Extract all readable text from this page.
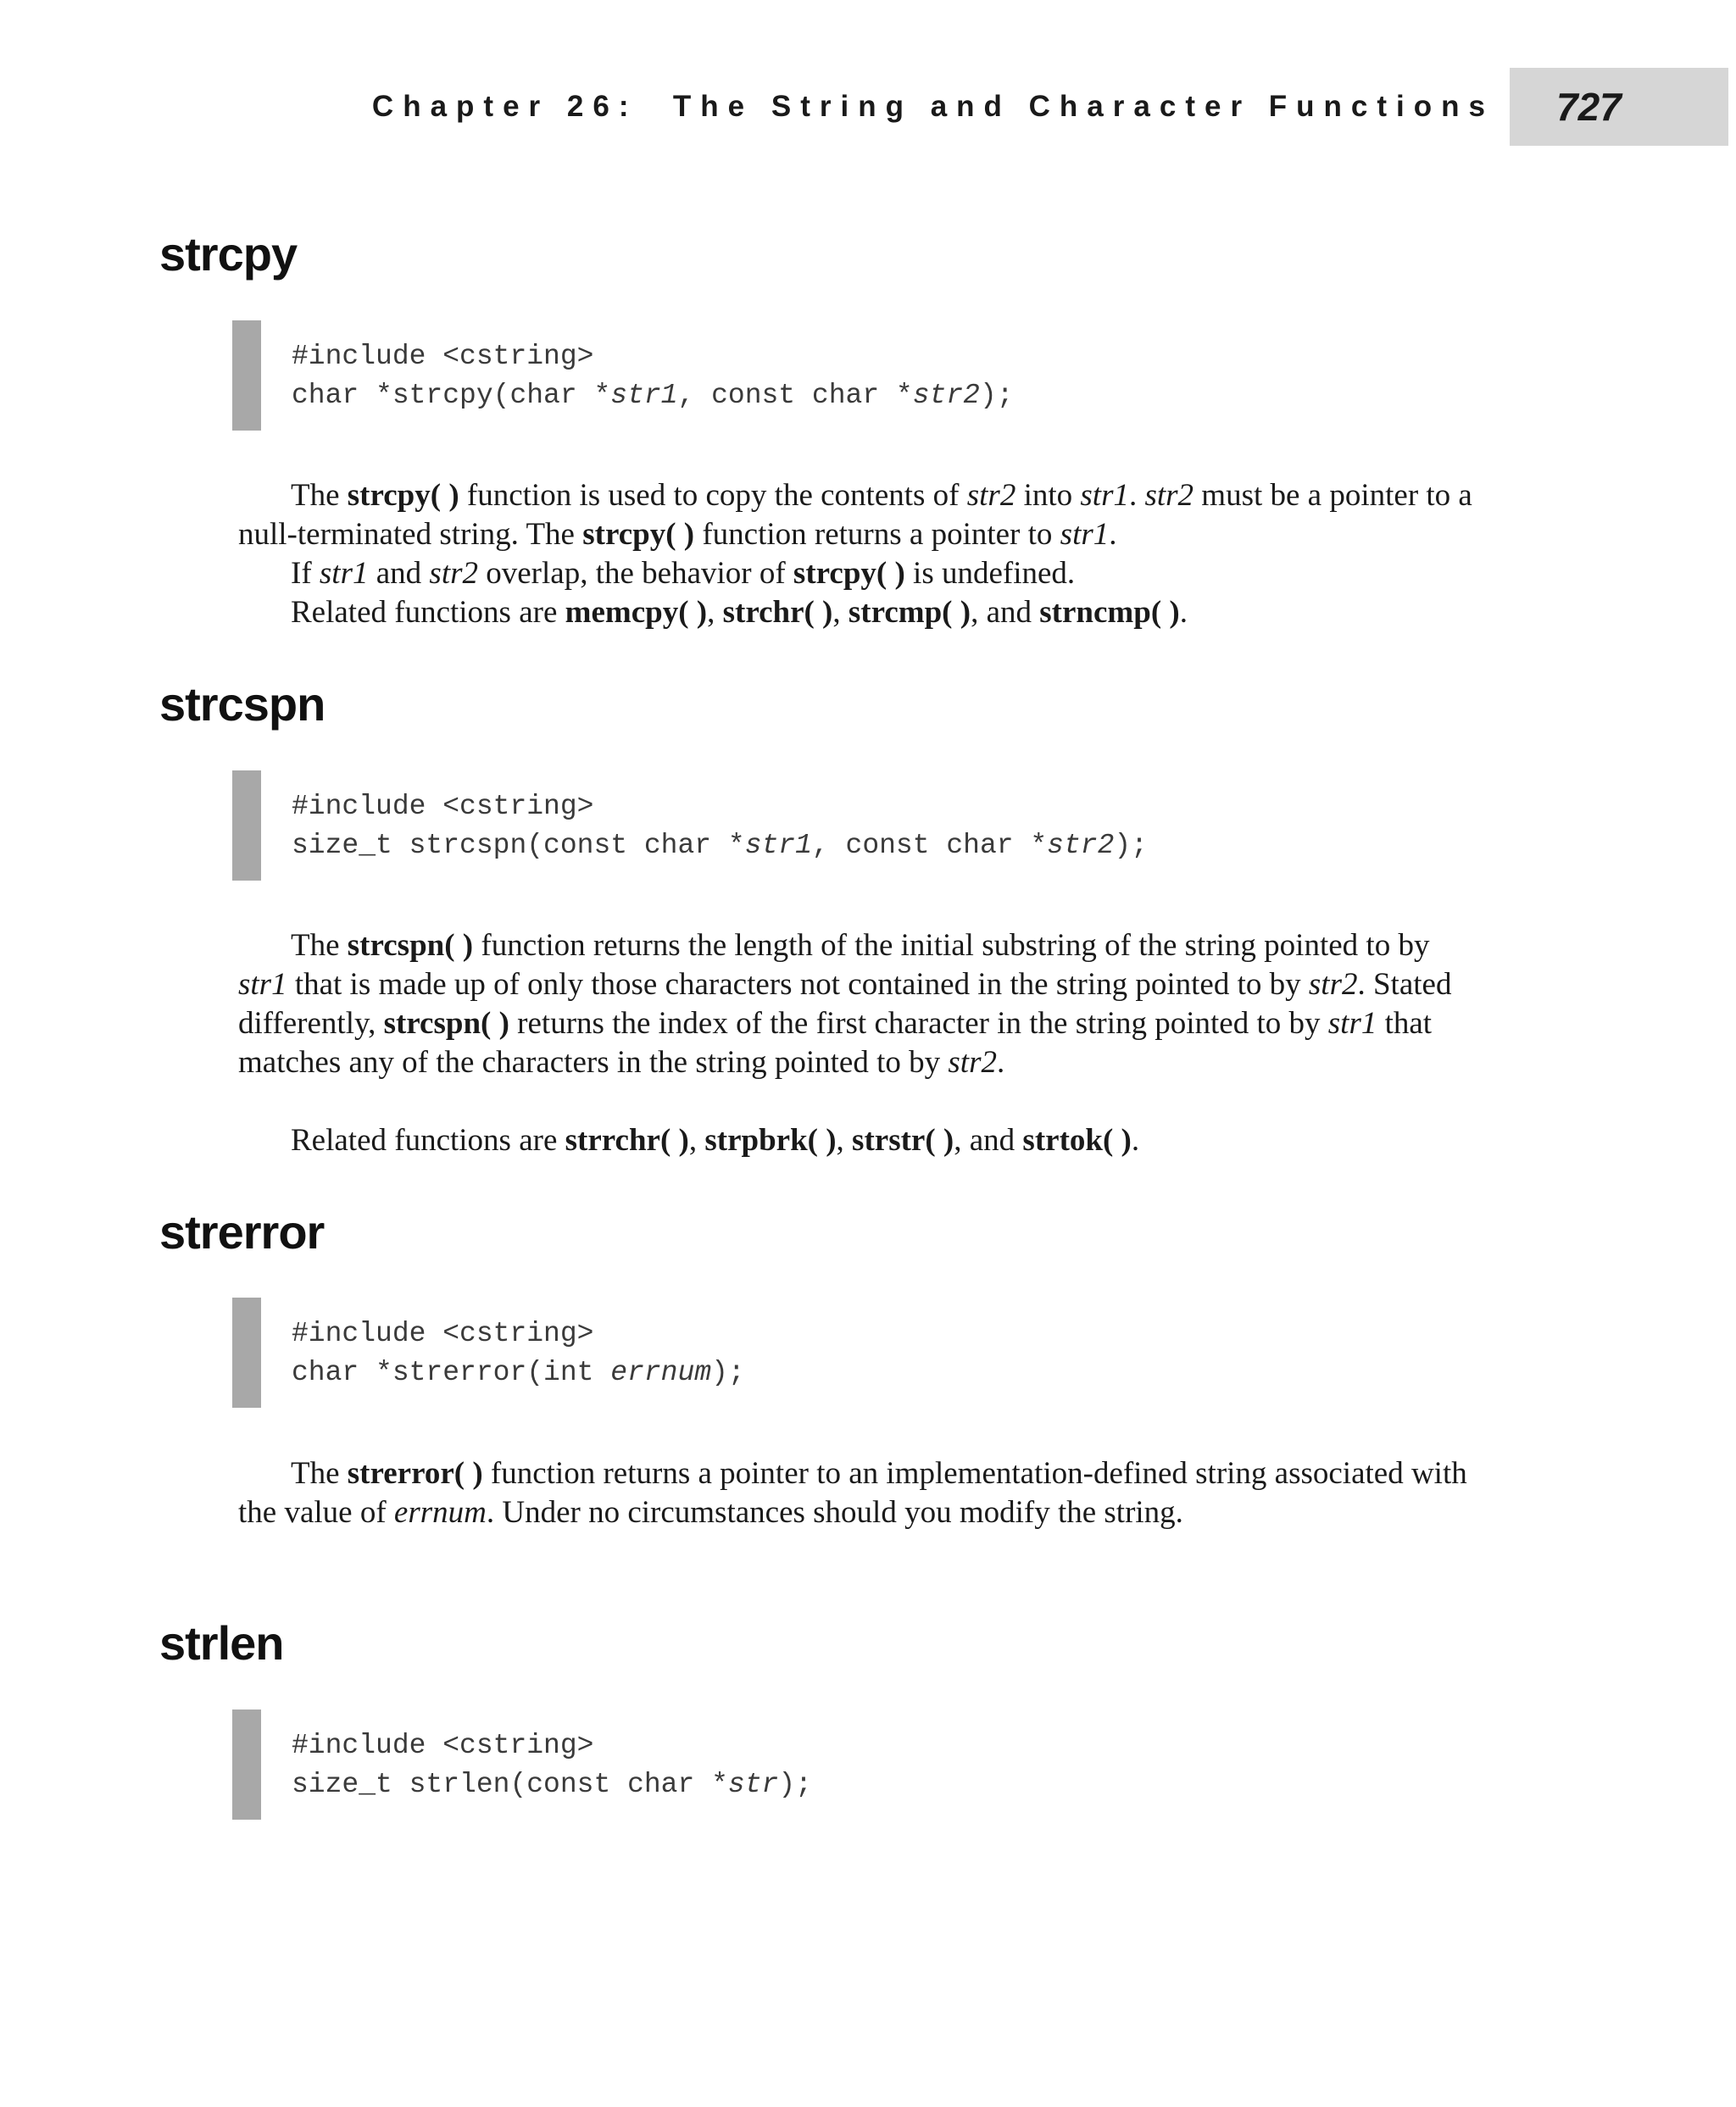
Chapter 26:  The String and Character Functions 727
strcpy
#include <cstring>
char *strcpy(char *str1, const char *str2);

The strcpy( ) function is used to copy the contents of str2 into str1. str2 must be a pointer to a null-terminated string. The strcpy( ) function returns a pointer to str1.

If str1 and str2 overlap, the behavior of strcpy( ) is undefined.

Related functions are memcpy( ), strchr( ), strcmp( ), and strncmp( ).

strcspn
#include <cstring>
size_t strcspn(const char *str1, const char *str2);

The strcspn( ) function returns the length of the initial substring of the string pointed to by str1 that is made up of only those characters not contained in the string pointed to by str2. Stated differently, strcspn( ) returns the index of the first character in the string pointed to by str1 that matches any of the characters in the string pointed to by str2.

Related functions are strrchr( ), strpbrk( ), strstr( ), and strtok( ).

strerror
#include <cstring>
char *strerror(int errnum);

The strerror( ) function returns a pointer to an implementation-defined string associated with the value of errnum. Under no circumstances should you modify the string.

strlen
#include <cstring>
size_t strlen(const char *str);
